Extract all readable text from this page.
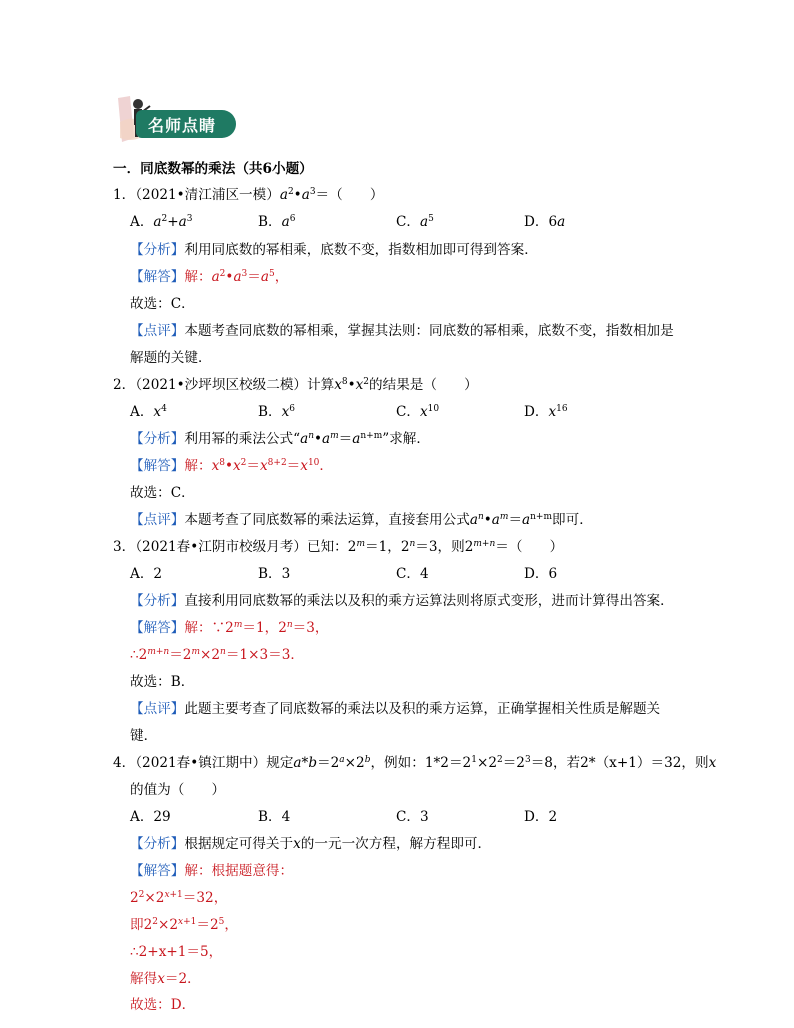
名师点睛
一．同底数幂的乘法（共6小题）
1．（2021•清江浦区一模）$a^2•a^3=$（　　）
A．$a^2+a^3$	B．$a^6$	C．$a^5$	D．6a
【分析】利用同底数的幂相乘，底数不变，指数相加即可得到答案．
【解答】解：$a^2•a^3=a^5$，
故选：C．
【点评】本题考查同底数的幂相乘，掌握其法则：同底数的幂相乘，底数不变，指数相加是
解题的关键．
2．（2021•沙坪坝区校级二模）计算$x^8•x^2$的结果是（　　）
A．$x^4$	B．$x^6$	C．$x^{10}$	D．$x^{16}$
【分析】利用幂的乘法公式“$a^n•a^m=a^{n+m}$”求解．
【解答】解：$x^8•x^2=x^{8+2}=x^{10}$．
故选：C．
【点评】本题考查了同底数幂的乘法运算，直接套用公式$a^n•a^m=a^{n+m}$即可．
3．（2021春•江阴市校级月考）已知：$2^m=1$，$2^n=3$，则$2^{m+n}=$（　　）
A．2	B．3	C．4	D．6
【分析】直接利用同底数幂的乘法以及积的乘方运算法则将原式变形，进而计算得出答案．
【解答】解：$\because 2^m=1$，$2^n=3$，
$\therefore 2^{m+n}=2^m\times 2^n=1\times 3=3$．
故选：B．
【点评】此题主要考查了同底数幂的乘法以及积的乘方运算，正确掌握相关性质是解题关
键．
4．（2021春•镇江期中）规定$a*b=2^a\times 2^b$，例如：$1*2=2^1\times 2^2=2^3=8$，若2*（x+1）＝32，则x
的值为（　　）
A．29	B．4	C．3	D．2
【分析】根据规定可得关于x的一元一次方程，解方程即可．
【解答】解：根据题意得：
$2^2\times 2^{x+1}=32$，
即$2^2\times 2^{x+1}=2^5$，
∴2+x+1＝5，
解得x＝2．
故选：D．
